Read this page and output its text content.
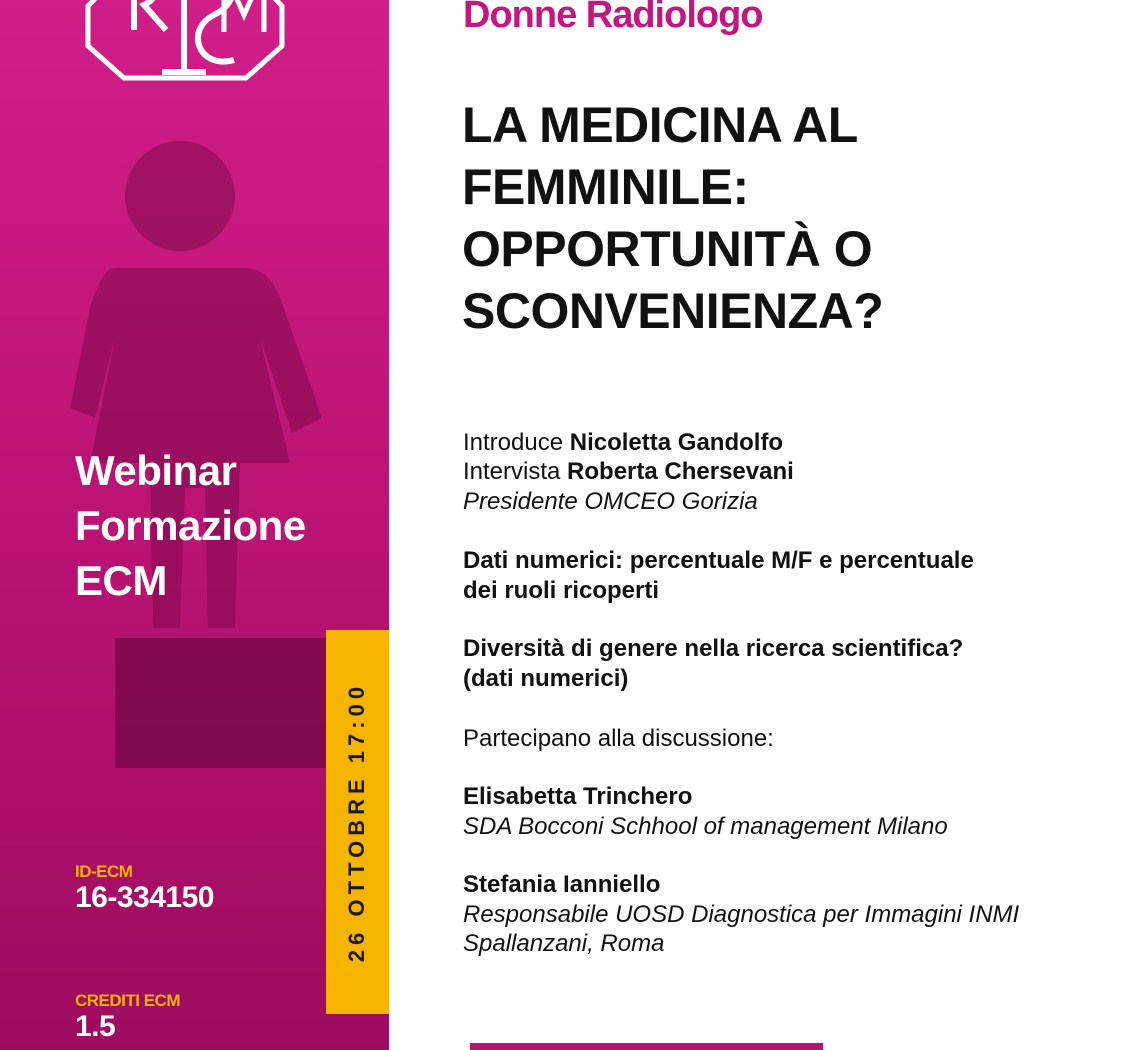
Webinar
Formazione
ECM
ID-ECM
16-334150
CREDITI ECM
1.5
26 OTTOBRE 17:00
Donne Radiologo
LA MEDICINA AL
FEMMINILE:
OPPORTUNITÀ O
SCONVENIENZA?
Introduce Nicoletta Gandolfo
Intervista Roberta Chersevani
Presidente OMCEO Gorizia
Dati numerici: percentuale M/F e percentuale
dei ruoli ricoperti
Diversità di genere nella ricerca scientifica?
(dati numerici)
Partecipano alla discussione:
Elisabetta Trinchero
SDA Bocconi Schhool of management Milano
Stefania Ianniello
Responsabile UOSD Diagnostica per Immagini INMI
Spallanzani, Roma
